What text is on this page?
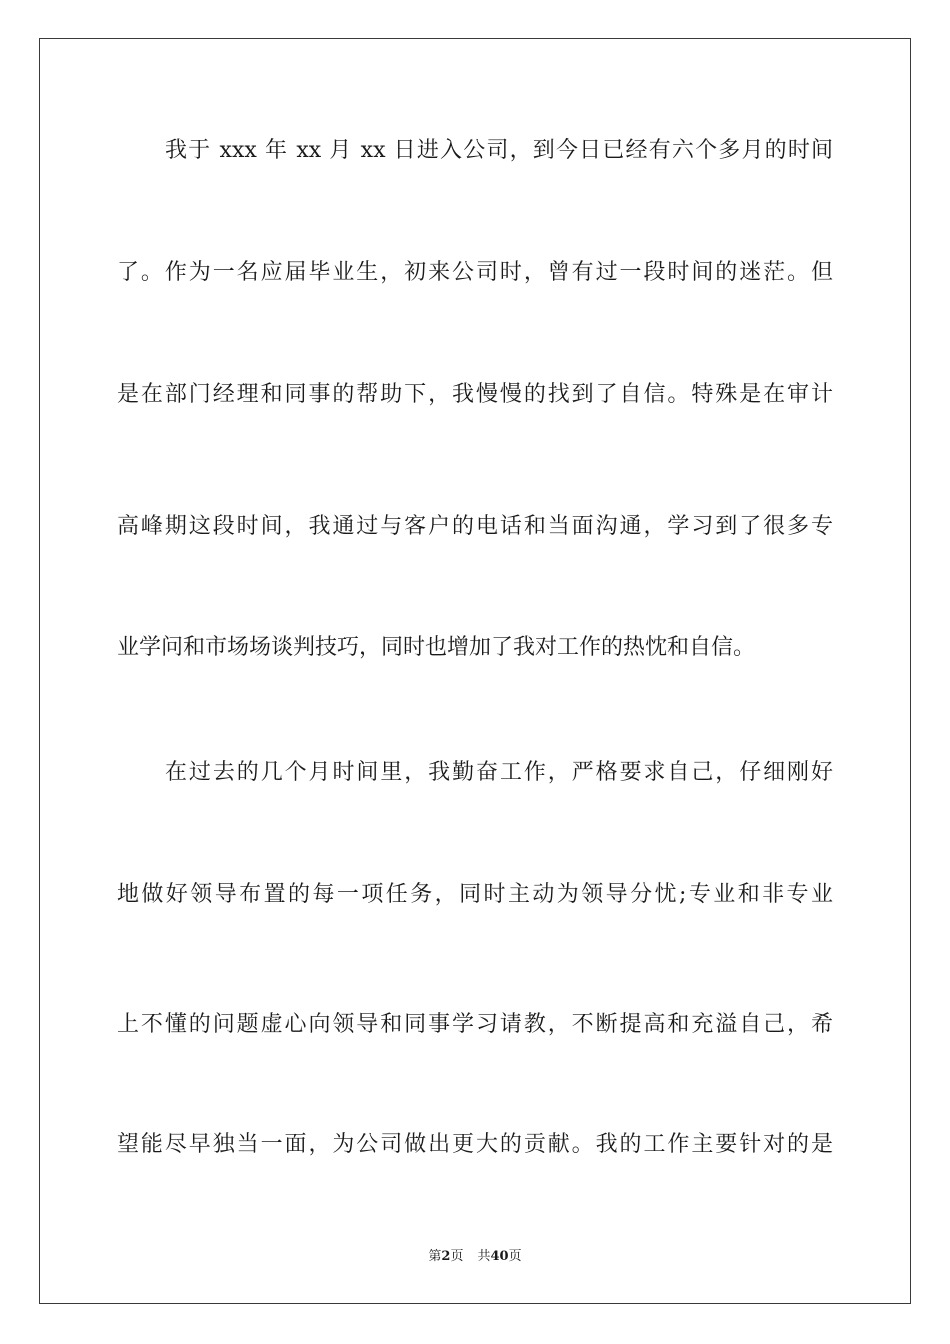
我于 xxx 年 xx 月 xx 日进入公司，到今日已经有六个多月的时间
了。作为一名应届毕业生，初来公司时，曾有过一段时间的迷茫。但
是在部门经理和同事的帮助下，我慢慢的找到了自信。特殊是在审计
高峰期这段时间，我通过与客户的电话和当面沟通，学习到了很多专
业学问和市场场谈判技巧，同时也增加了我对工作的热忱和自信。
在过去的几个月时间里，我勤奋工作，严格要求自己，仔细刚好
地做好领导布置的每一项任务，同时主动为领导分忧;专业和非专业
上不懂的问题虚心向领导和同事学习请教，不断提高和充溢自己，希
望能尽早独当一面，为公司做出更大的贡献。我的工作主要针对的是
第2页 共40页
